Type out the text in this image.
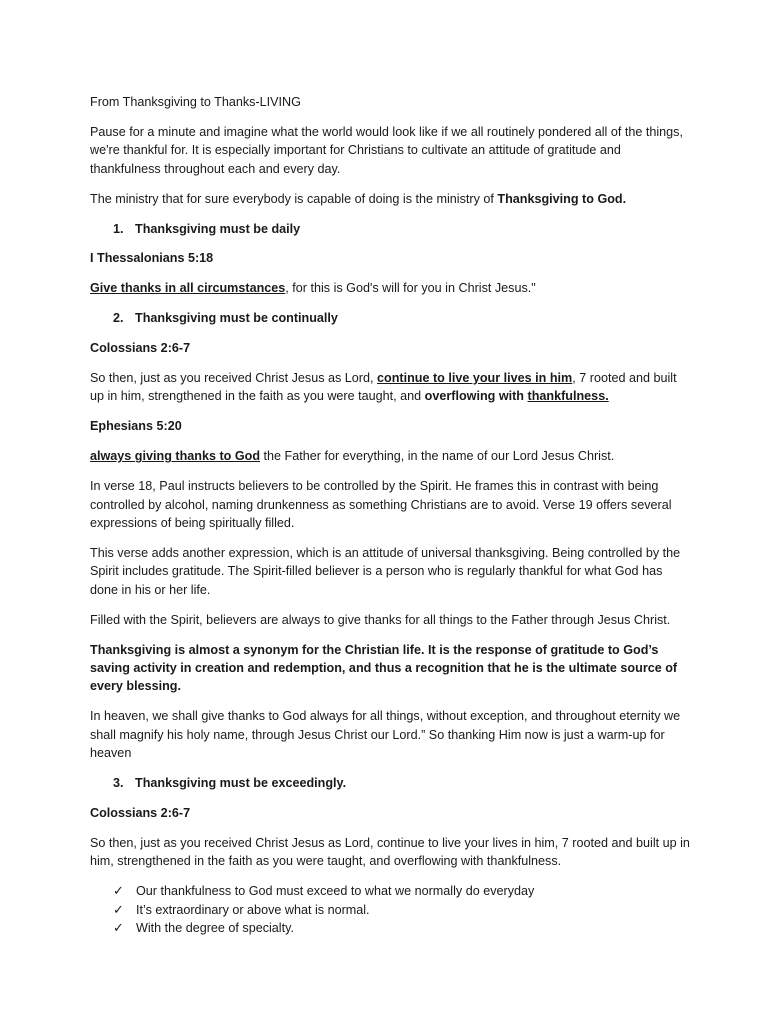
From Thanksgiving to Thanks-LIVING

Pause for a minute and imagine what the world would look like if we all routinely pondered all of the things, we're thankful for. It is especially important for Christians to cultivate an attitude of gratitude and thankfulness throughout each and every day.

The ministry that for sure everybody is capable of doing is the ministry of Thanksgiving to God.

1. Thanksgiving must be daily

I Thessalonians 5:18

Give thanks in all circumstances, for this is God's will for you in Christ Jesus."

2. Thanksgiving must be continually

Colossians 2:6-7

So then, just as you received Christ Jesus as Lord, continue to live your lives in him, 7 rooted and built up in him, strengthened in the faith as you were taught, and overflowing with thankfulness.

Ephesians 5:20

always giving thanks to God the Father for everything, in the name of our Lord Jesus Christ.

In verse 18, Paul instructs believers to be controlled by the Spirit. He frames this in contrast with being controlled by alcohol, naming drunkenness as something Christians are to avoid. Verse 19 offers several expressions of being spiritually filled.

This verse adds another expression, which is an attitude of universal thanksgiving. Being controlled by the Spirit includes gratitude. The Spirit-filled believer is a person who is regularly thankful for what God has done in his or her life.

Filled with the Spirit, believers are always to give thanks for all things to the Father through Jesus Christ.

Thanksgiving is almost a synonym for the Christian life. It is the response of gratitude to God’s saving activity in creation and redemption, and thus a recognition that he is the ultimate source of every blessing.

In heaven, we shall give thanks to God always for all things, without exception, and throughout eternity we shall magnify his holy name, through Jesus Christ our Lord.” So thanking Him now is just a warm-up for heaven

3. Thanksgiving must be exceedingly.

Colossians 2:6-7

So then, just as you received Christ Jesus as Lord, continue to live your lives in him, 7 rooted and built up in him, strengthened in the faith as you were taught, and overflowing with thankfulness.

✓ Our thankfulness to God must exceed to what we normally do everyday
✓ It’s extraordinary or above what is normal.
✓ With the degree of specialty.
